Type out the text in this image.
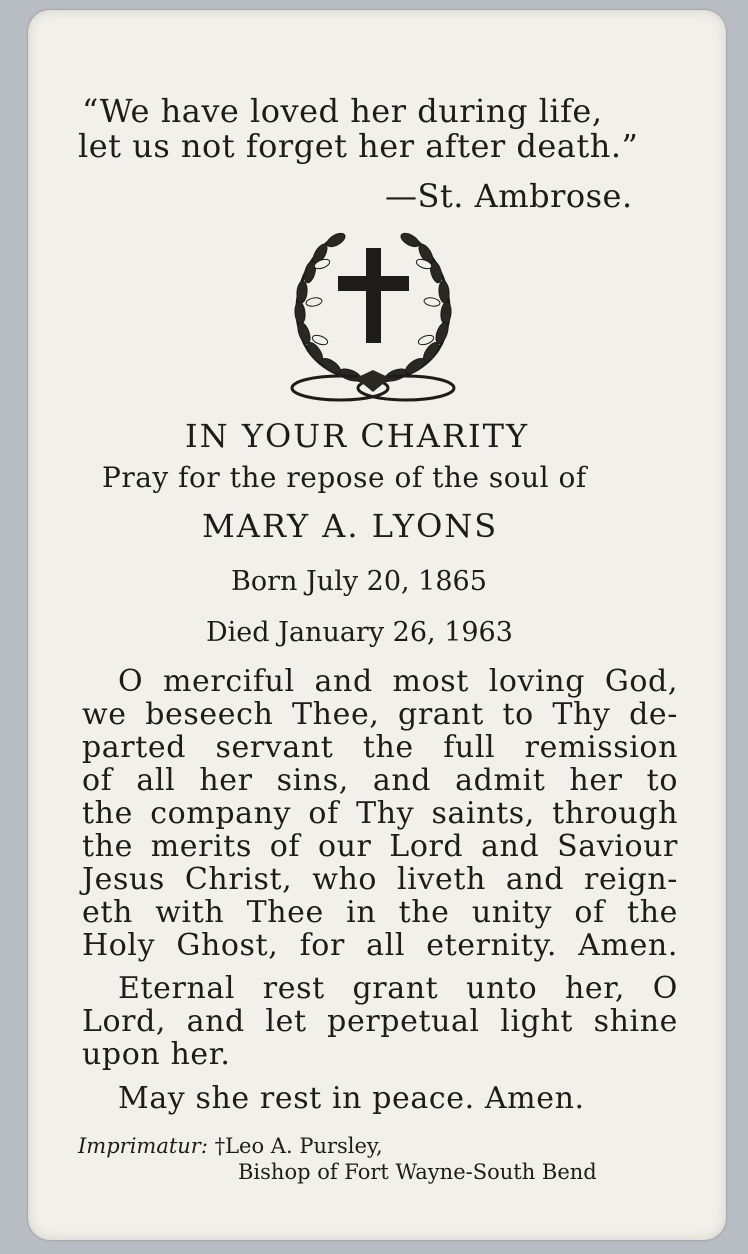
“We have loved her during life,
let us not forget her after death.”
—St. Ambrose.
IN YOUR CHARITY
Pray for the repose of the soul of
MARY A. LYONS
Born July 20, 1865
Died January 26, 1963
O merciful and most loving God,
we beseech Thee, grant to Thy de-
parted servant the full remission
of all her sins, and admit her to
the company of Thy saints, through
the merits of our Lord and Saviour
Jesus Christ, who liveth and reign-
eth with Thee in the unity of the
Holy Ghost, for all eternity. Amen.
Eternal rest grant unto her, O
Lord, and let perpetual light shine
upon her.
May she rest in peace. Amen.
Imprimatur: †Leo A. Pursley,
Bishop of Fort Wayne-South Bend
